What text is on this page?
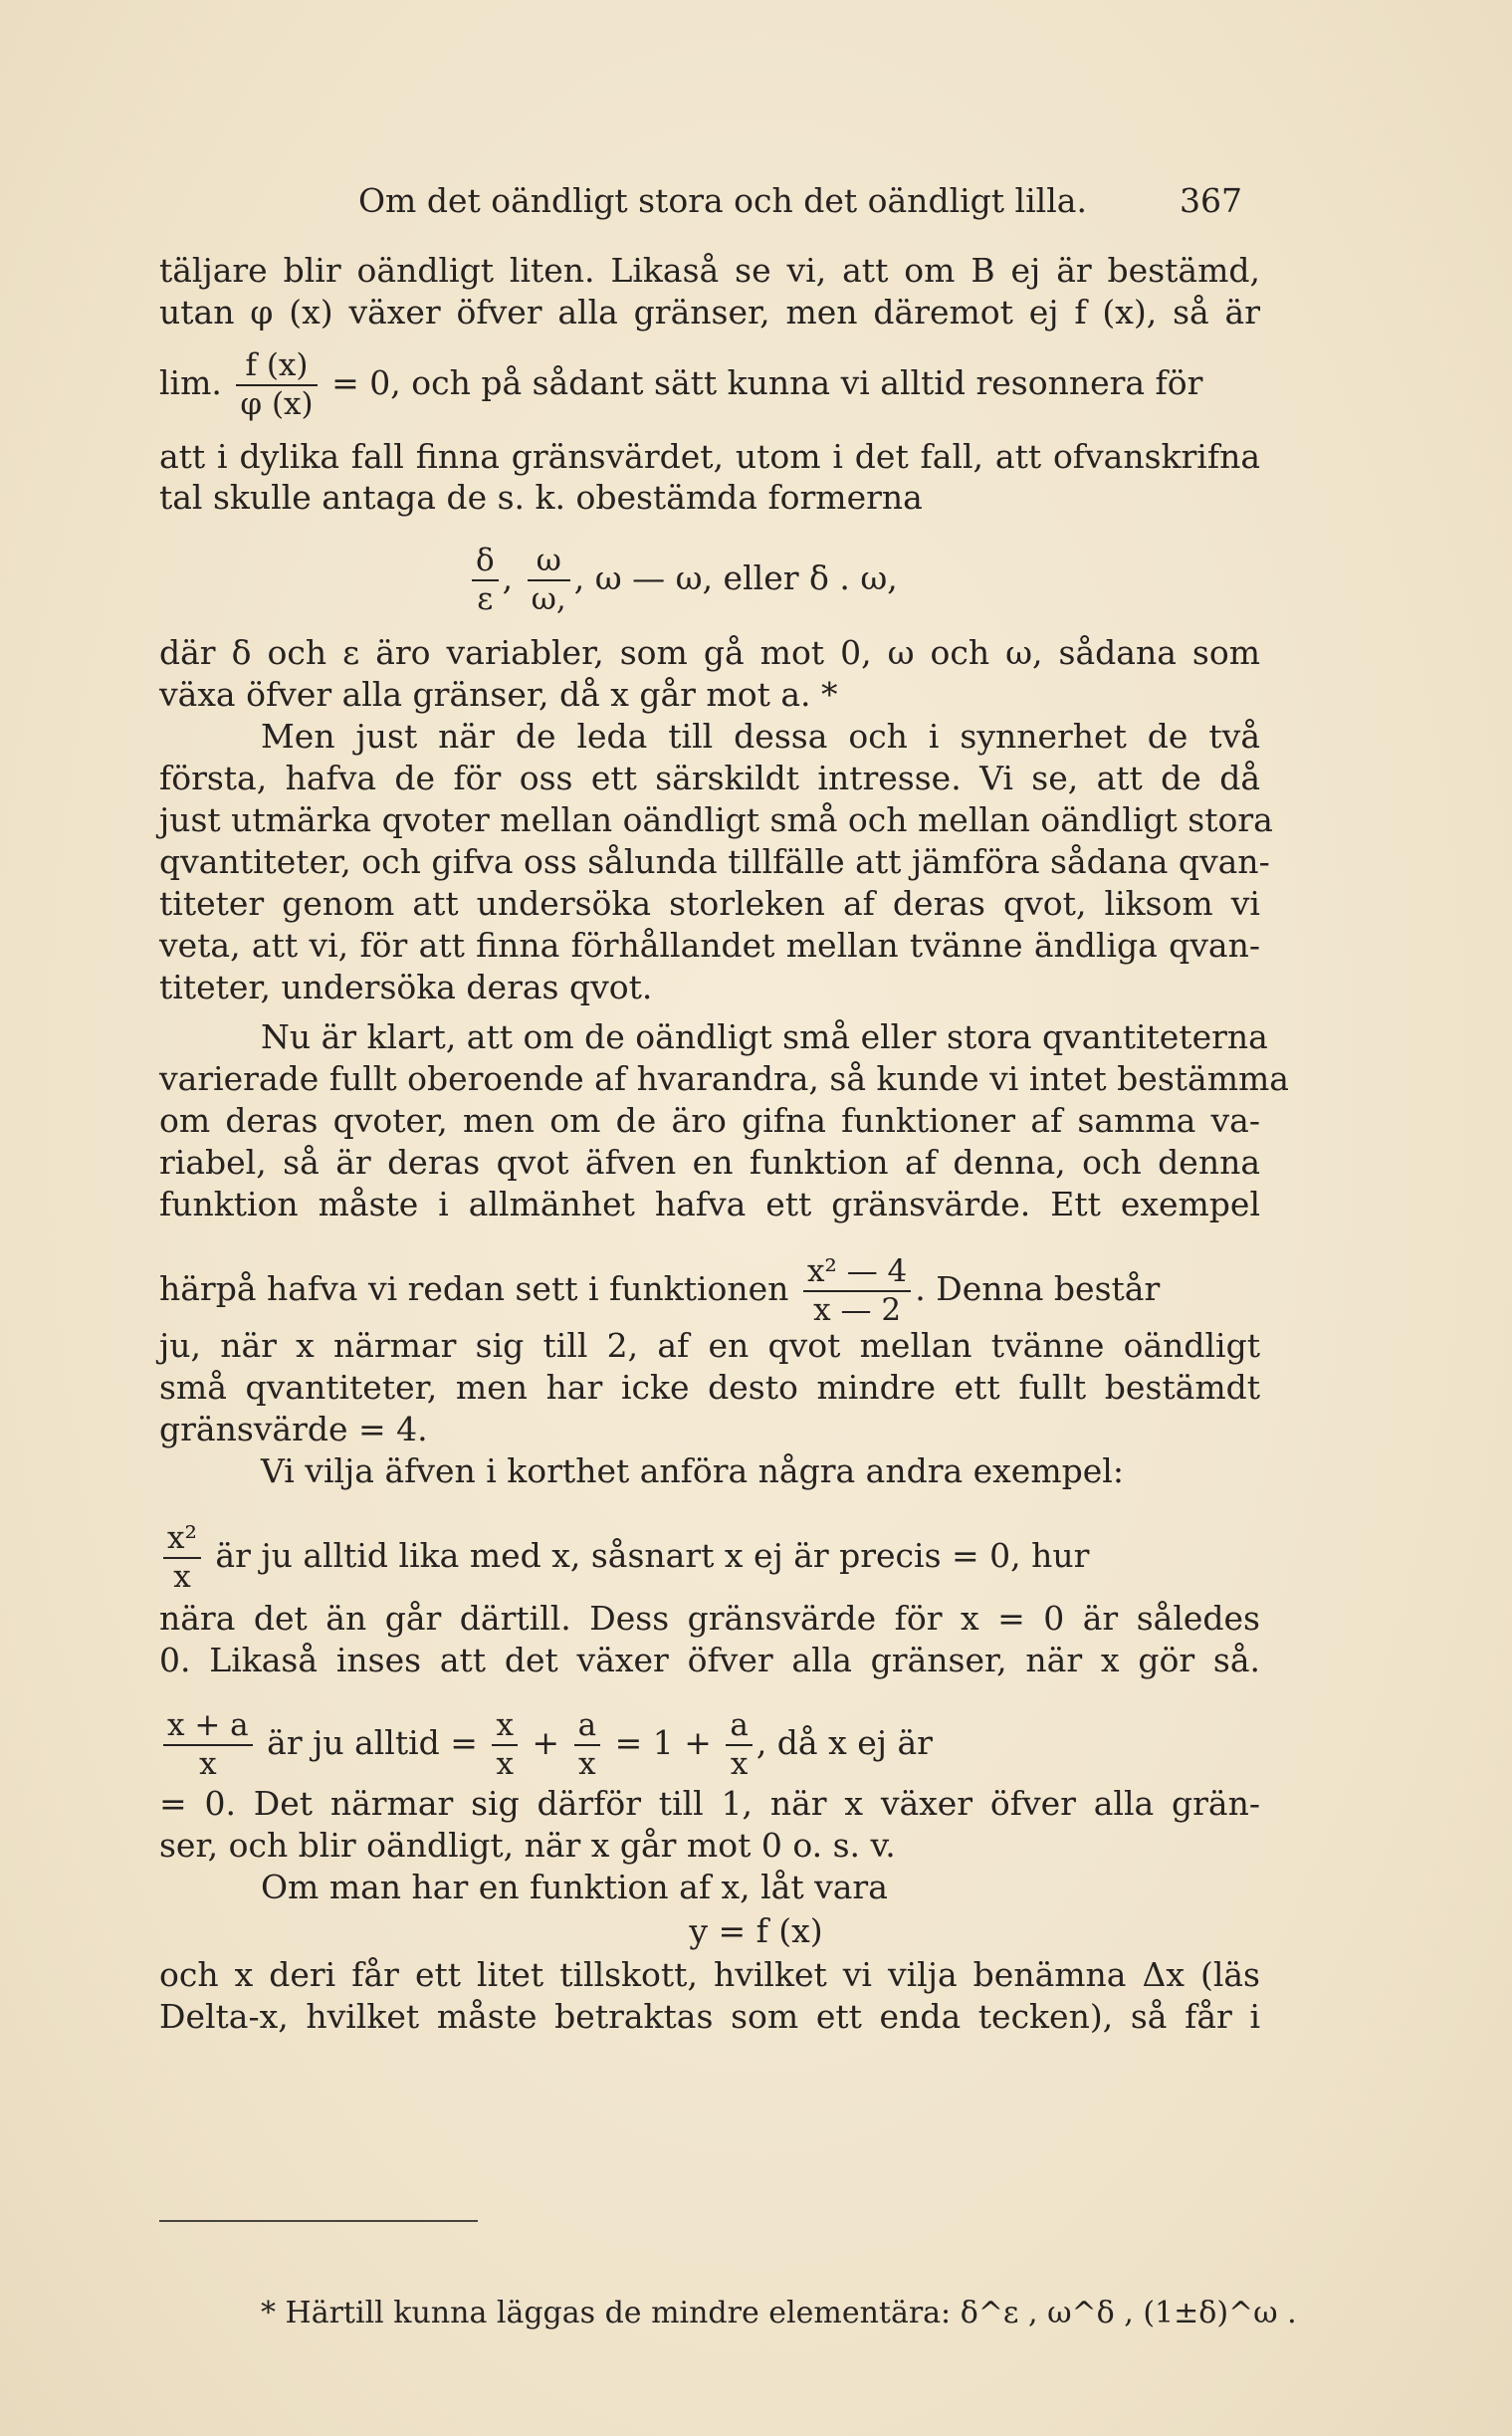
Om det oändligt stora och det oändligt lilla.	367
täljare blir oändligt liten. Likaså se vi, att om B ej är bestämd,
utan φ (x) växer öfver alla gränser, men däremot ej f (x), så är
lim. $\frac{f (x)}{\varphi (x)} = 0$, och på sådant sätt kunna vi alltid resonnera för
att i dylika fall finna gränsvärdet, utom i det fall, att ofvanskrifna
tal skulle antaga de s. k. obestämda formerna
$\frac{\delta}{\varepsilon}$ , $\frac{\omega}{\omega,}$ , ω — ω, eller δ . ω,
där δ och ε äro variabler, som gå mot 0, ω och ω, sådana som
växa öfver alla gränser, då x går mot a. *
Men just när de leda till dessa och i synnerhet de två
första, hafva de för oss ett särskildt intresse. Vi se, att de då
just utmärka qvoter mellan oändligt små och mellan oändligt stora
qvantiteter, och gifva oss sålunda tillfälle att jämföra sådana qvan-
titeter genom att undersöka storleken af deras qvot, liksom vi
veta, att vi, för att finna förhållandet mellan tvänne ändliga qvan-
titeter, undersöka deras qvot.
Nu är klart, att om de oändligt små eller stora qvantiteterna
varierade fullt oberoende af hvarandra, så kunde vi intet bestämma
om deras qvoter, men om de äro gifna funktioner af samma va-
riabel, så är deras qvot äfven en funktion af denna, och denna
funktion måste i allmänhet hafva ett gränsvärde. Ett exempel
härpå hafva vi redan sett i funktionen $\frac{\text{x² — 4}}{x — 2}$ . Denna består
ju, när x närmar sig till 2, af en qvot mellan tvänne oändligt
små qvantiteter, men har icke desto mindre ett fullt bestämdt
gränsvärde = 4.
Vi vilja äfven i korthet anföra några andra exempel:
$\frac{\text{x²}}{x}$ är ju alltid lika med x, såsnart x ej är precis = 0, hur
nära det än går därtill. Dess gränsvärde för x = 0 är således
0. Likaså inses att det växer öfver alla gränser, när x gör så.
$\frac{x + a}{x}$ är ju alltid = $\frac{x}{x} + \frac{a}{x} = 1 + \frac{a}{x}$ , då x ej är
= 0. Det närmar sig därför till 1, när x växer öfver alla grän-
ser, och blir oändligt, när x går mot 0 o. s. v.
Om man har en funktion af x, låt vara
y = f (x)
och x deri får ett litet tillskott, hvilket vi vilja benämna Δx (läs
Delta-x, hvilket måste betraktas som ett enda tecken), så får i
* Härtill kunna läggas de mindre elementära: δ^ε , ω^δ , (1±δ)^ω .
